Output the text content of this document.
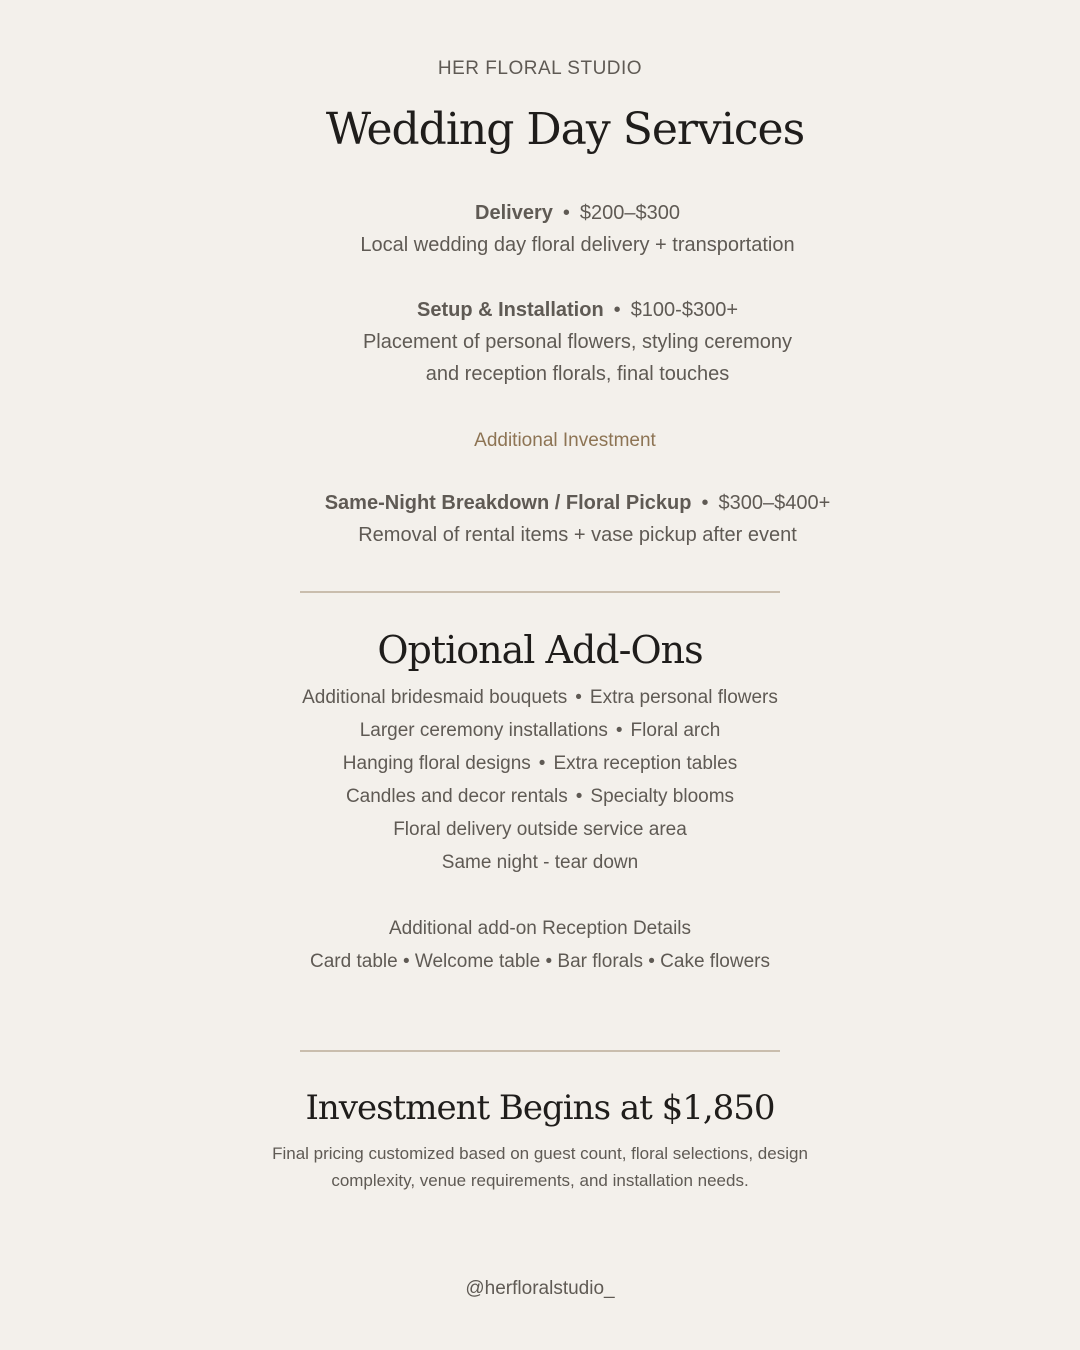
HER FLORAL STUDIO
Wedding Day Services
Delivery • $200–$300
Local wedding day floral delivery + transportation
Setup & Installation • $100-$300+
Placement of personal flowers, styling ceremony
and reception florals, final touches
Additional Investment
Same-Night Breakdown / Floral Pickup • $300–$400+
Removal of rental items + vase pickup after event
Optional Add-Ons
Additional bridesmaid bouquets • Extra personal flowers
Larger ceremony installations • Floral arch
Hanging floral designs • Extra reception tables
Candles and decor rentals • Specialty blooms
Floral delivery outside service area
Same night - tear down
Additional add-on Reception Details
Card table • Welcome table • Bar florals • Cake flowers
Investment Begins at $1,850
Final pricing customized based on guest count, floral selections, design
complexity, venue requirements, and installation needs.
@herfloralstudio_
